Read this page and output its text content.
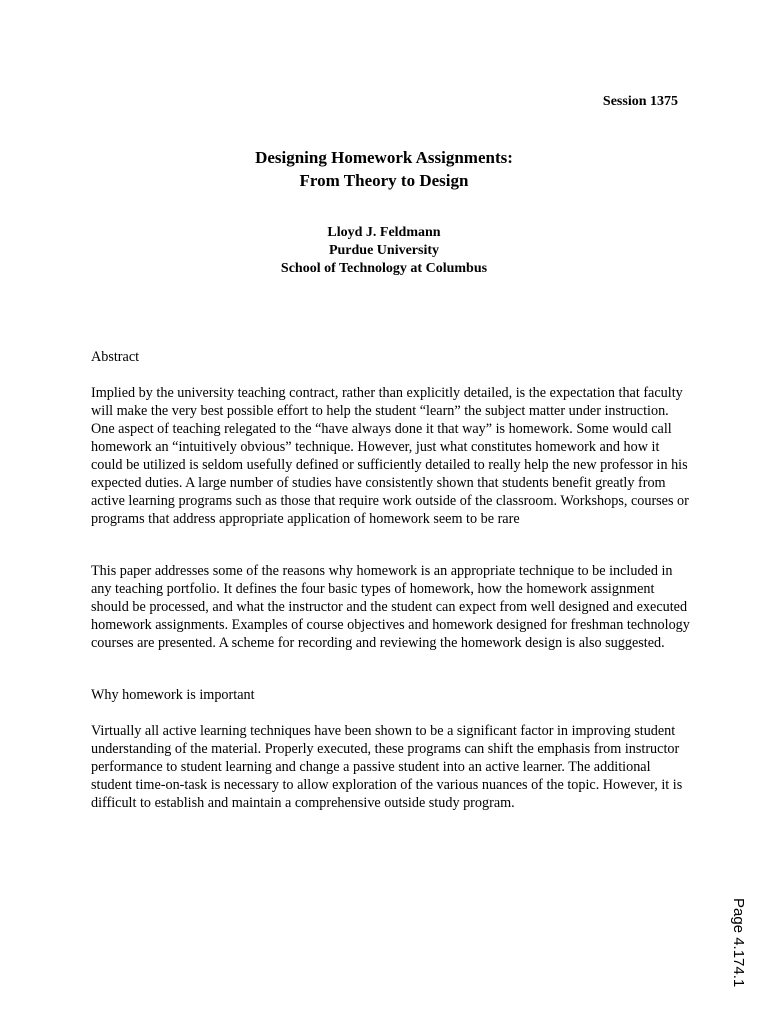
Session 1375
Designing Homework Assignments:
From Theory to Design
Lloyd J. Feldmann
Purdue University
School of Technology at Columbus
Abstract

Implied by the university teaching contract, rather than explicitly detailed, is the expectation that faculty will make the very best possible effort to help the student “learn” the subject matter under instruction. One aspect of teaching relegated to the “have always done it that way” is homework. Some would call homework an “intuitively obvious” technique. However, just what constitutes homework and how it could be utilized is seldom usefully defined or sufficiently detailed to really help the new professor in his expected duties. A large number of studies have consistently shown that students benefit greatly from active learning programs such as those that require work outside of the classroom. Workshops, courses or programs that address appropriate application of homework seem to be rare

This paper addresses some of the reasons why homework is an appropriate technique to be included in any teaching portfolio. It defines the four basic types of homework, how the homework assignment should be processed, and what the instructor and the student can expect from well designed and executed homework assignments. Examples of course objectives and homework designed for freshman technology courses are presented. A scheme for recording and reviewing the homework design is also suggested.

Why homework is important

Virtually all active learning techniques have been shown to be a significant factor in improving student understanding of the material. Properly executed, these programs can shift the emphasis from instructor performance to student learning and change a passive student into an active learner. The additional student time-on-task is necessary to allow exploration of the various nuances of the topic. However, it is difficult to establish and maintain a comprehensive outside study program.

Page 4.174.1
